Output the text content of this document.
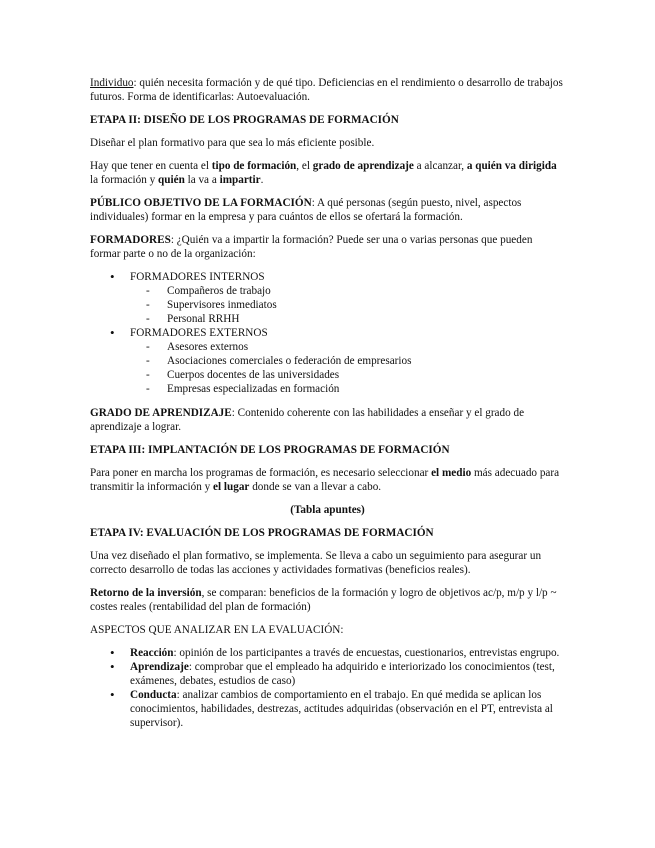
Individuo: quién necesita formación y de qué tipo. Deficiencias en el rendimiento o desarrollo de trabajos futuros. Forma de identificarlas: Autoevaluación.

ETAPA II: DISEÑO DE LOS PROGRAMAS DE FORMACIÓN

Diseñar el plan formativo para que sea lo más eficiente posible.

Hay que tener en cuenta el tipo de formación, el grado de aprendizaje a alcanzar, a quién va dirigida la formación y quién la va a impartir.

PÚBLICO OBJETIVO DE LA FORMACIÓN: A qué personas (según puesto, nivel, aspectos individuales) formar en la empresa y para cuántos de ellos se ofertará la formación.

FORMADORES: ¿Quién va a impartir la formación? Puede ser una o varias personas que pueden formar parte o no de la organización:

• FORMADORES INTERNOS
- Compañeros de trabajo
- Supervisores inmediatos
- Personal RRHH
• FORMADORES EXTERNOS
- Asesores externos
- Asociaciones comerciales o federación de empresarios
- Cuerpos docentes de las universidades
- Empresas especializadas en formación

GRADO DE APRENDIZAJE: Contenido coherente con las habilidades a enseñar y el grado de aprendizaje a lograr.

ETAPA III: IMPLANTACIÓN DE LOS PROGRAMAS DE FORMACIÓN

Para poner en marcha los programas de formación, es necesario seleccionar el medio más adecuado para transmitir la información y el lugar donde se van a llevar a cabo.

(Tabla apuntes)
ETAPA IV: EVALUACIÓN DE LOS PROGRAMAS DE FORMACIÓN

Una vez diseñado el plan formativo, se implementa. Se lleva a cabo un seguimiento para asegurar un correcto desarrollo de todas las acciones y actividades formativas (beneficios reales).

Retorno de la inversión, se comparan: beneficios de la formación y logro de objetivos ac/p, m/p y l/p ~ costes reales (rentabilidad del plan de formación)

ASPECTOS QUE ANALIZAR EN LA EVALUACIÓN:

• Reacción: opinión de los participantes a través de encuestas, cuestionarios, entrevistas engrupo.
• Aprendizaje: comprobar que el empleado ha adquirido e interiorizado los conocimientos (test, exámenes, debates, estudios de caso)
• Conducta: analizar cambios de comportamiento en el trabajo. En qué medida se aplican los conocimientos, habilidades, destrezas, actitudes adquiridas (observación en el PT, entrevista al supervisor).
